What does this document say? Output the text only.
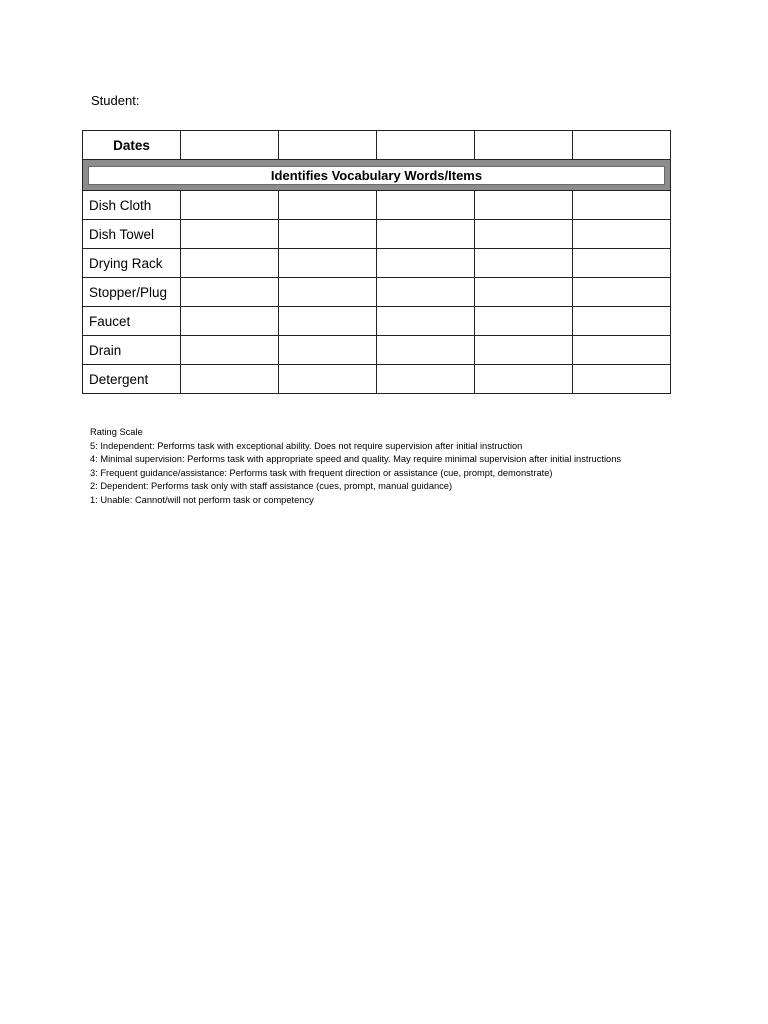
Student:
Dates					

Identifies Vocabulary Words/Items					

Dish Cloth					
Dish Towel					
Drying Rack					
Stopper/Plug					
Faucet					
Drain					
Detergent					
Rating Scale
5: Independent: Performs task with exceptional ability. Does not require supervision after initial instruction
4: Minimal supervision: Performs task with appropriate speed and quality. May require minimal supervision after initial instructions
3: Frequent guidance/assistance: Performs task with frequent direction or assistance (cue, prompt, demonstrate)
2: Dependent: Performs task only with staff assistance (cues, prompt, manual guidance)
1: Unable: Cannot/will not perform task or competency
